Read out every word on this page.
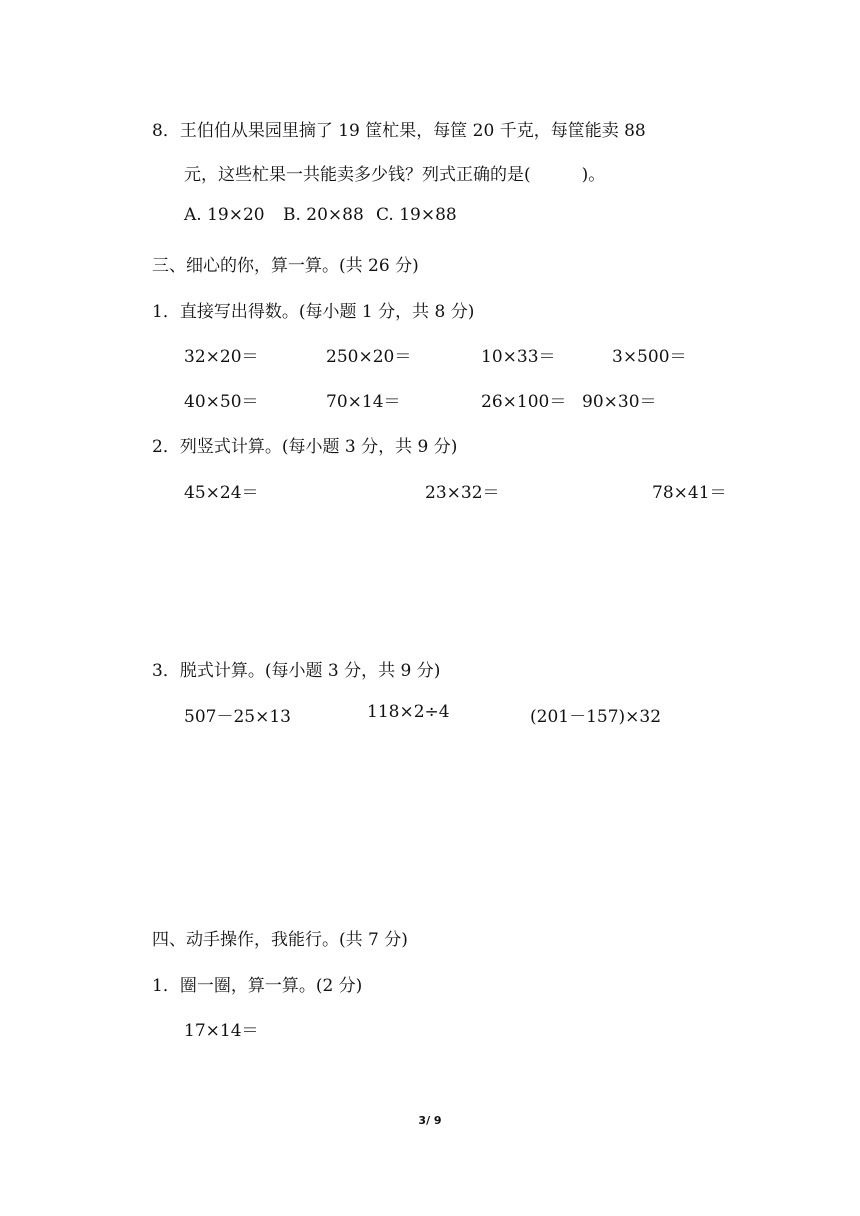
8．王伯伯从果园里摘了 19 筐杧果，每筐 20 千克，每筐能卖 88
元，这些杧果一共能卖多少钱？列式正确的是(　　　)。
A. 19×20 B. 20×88 C. 19×88
三、细心的你，算一算。(共 26 分)
1．直接写出得数。(每小题 1 分，共 8 分)
32×20＝	250×20＝	10×33＝	3×500＝
40×50＝	70×14＝	26×100＝ 90×30＝
2．列竖式计算。(每小题 3 分，共 9 分)
45×24＝	23×32＝	78×41＝
3．脱式计算。(每小题 3 分，共 9 分)
507－25×13	118×2÷4	(201－157)×32
四、动手操作，我能行。(共 7 分)
1．圈一圈，算一算。(2 分)
17×14＝
3/ 9
